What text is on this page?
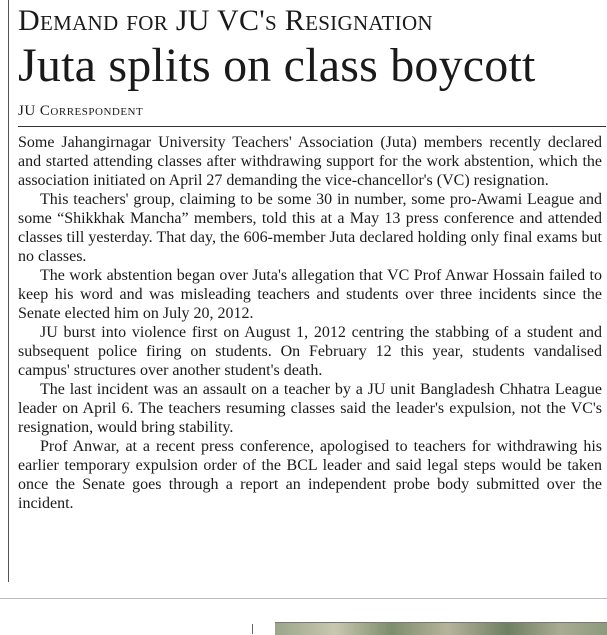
Demand for JU VC's Resignation
Juta splits on class boycott
JU Correspondent

Some Jahangirnagar University Teachers' Association (Juta) members recently declared and started attending classes after withdrawing support for the work abstention, which the association initiated on April 27 demanding the vice-chancellor's (VC) resignation.

This teachers' group, claiming to be some 30 in number, some pro-Awami League and some “Shikkhak Mancha” members, told this at a May 13 press conference and attended classes till yesterday. That day, the 606-member Juta declared holding only final exams but no classes.

The work abstention began over Juta's allegation that VC Prof Anwar Hossain failed to keep his word and was misleading teachers and students over three incidents since the Senate elected him on July 20, 2012.

JU burst into violence first on August 1, 2012 centring the stabbing of a student and subsequent police firing on students. On February 12 this year, students vandalised campus' structures over another student's death.

The last incident was an assault on a teacher by a JU unit Bangladesh Chhatra League leader on April 6. The teachers resuming classes said the leader's expulsion, not the VC's resignation, would bring stability.

Prof Anwar, at a recent press conference, apologised to teachers for withdrawing his earlier temporary expulsion order of the BCL leader and said legal steps would be taken once the Senate goes through a report an independent probe body submitted over the incident.
